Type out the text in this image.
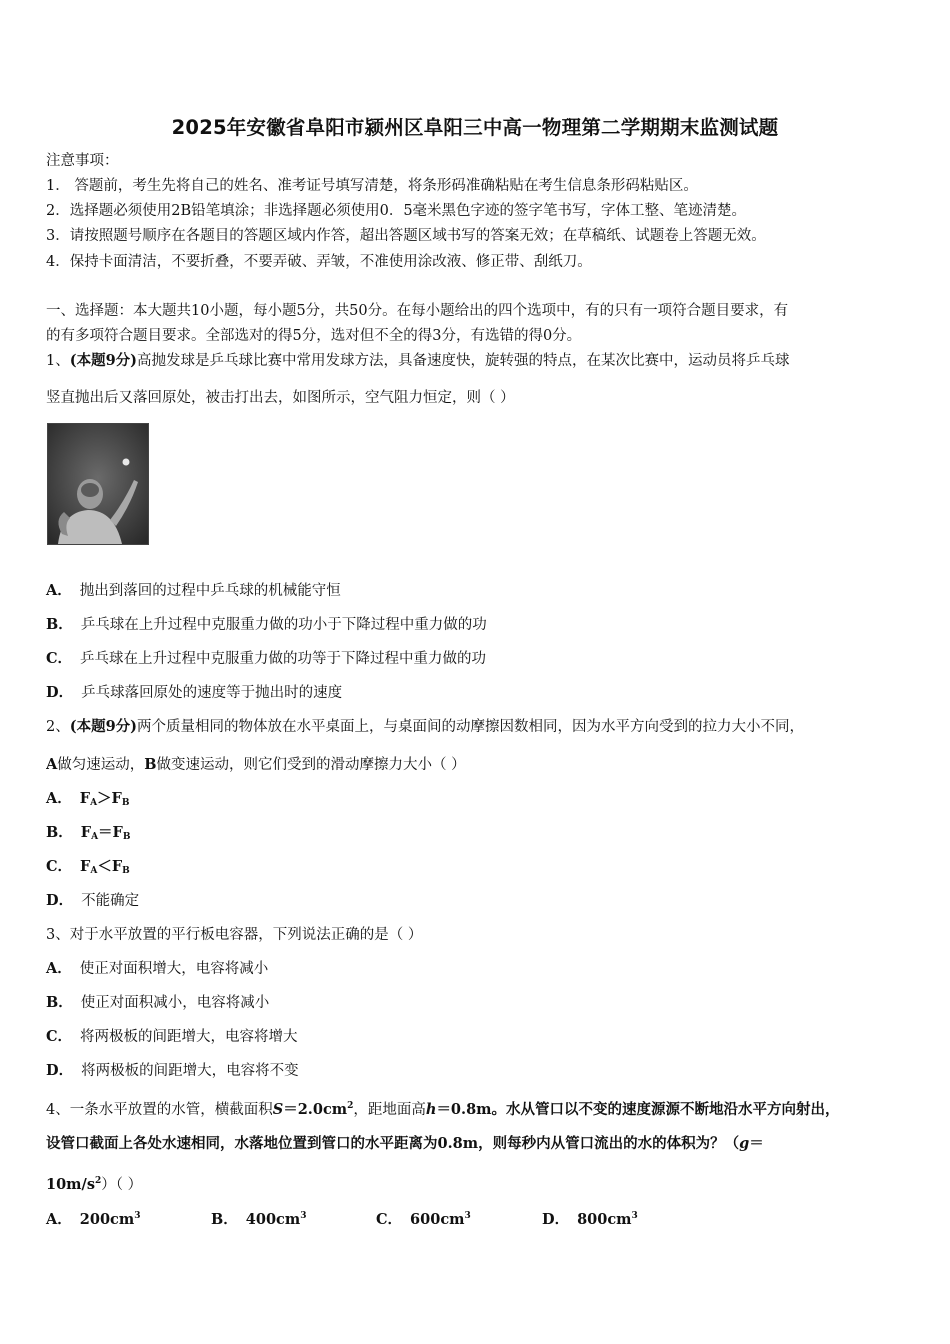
2025年安徽省阜阳市颍州区阜阳三中高一物理第二学期期末监测试题
注意事项：
1． 答题前，考生先将自己的姓名、准考证号填写清楚，将条形码准确粘贴在考生信息条形码粘贴区。
2．选择题必须使用2B铅笔填涂；非选择题必须使用0．5毫米黑色字迹的签字笔书写，字体工整、笔迹清楚。
3．请按照题号顺序在各题目的答题区域内作答，超出答题区域书写的答案无效；在草稿纸、试题卷上答题无效。
4．保持卡面清洁，不要折叠，不要弄破、弄皱，不准使用涂改液、修正带、刮纸刀。
一、选择题：本大题共10小题，每小题5分，共50分。在每小题给出的四个选项中，有的只有一项符合题目要求，有
的有多项符合题目要求。全部选对的得5分，选对但不全的得3分，有选错的得0分。
1、(本题9分)高抛发球是乒乓球比赛中常用发球方法，具备速度快，旋转强的特点，在某次比赛中，运动员将乒乓球
竖直抛出后又落回原处，被击打出去，如图所示，空气阻力恒定，则（ ）
A． 抛出到落回的过程中乒乓球的机械能守恒
B． 乒乓球在上升过程中克服重力做的功小于下降过程中重力做的功
C． 乒乓球在上升过程中克服重力做的功等于下降过程中重力做的功
D． 乒乓球落回原处的速度等于抛出时的速度
2、(本题9分)两个质量相同的物体放在水平桌面上，与桌面间的动摩擦因数相同，因为水平方向受到的拉力大小不同，
A做匀速运动，B做变速运动，则它们受到的滑动摩擦力大小（ ）
A． $F_A>F_B$
B． $F_A=F_B$
C． $F_A<F_B$
D． 不能确定
3、对于水平放置的平行板电容器，下列说法正确的是（ ）
A． 使正对面积增大，电容将减小
B． 使正对面积减小，电容将减小
C． 将两极板的间距增大，电容将增大
D． 将两极板的间距增大，电容将不变
4、一条水平放置的水管，横截面积$S=2.0cm^2$，距地面高h＝0.8m。水从管口以不变的速度源源不断地沿水平方向射出，
设管口截面上各处水速相同，水落地位置到管口的水平距离为0.8m，则每秒内从管口流出的水的体积为？（g＝
$10m/s^2$）（ ）
A． $200cm^3$	B． $400cm^3$	C． $600cm^3$	D． $800cm^3$
